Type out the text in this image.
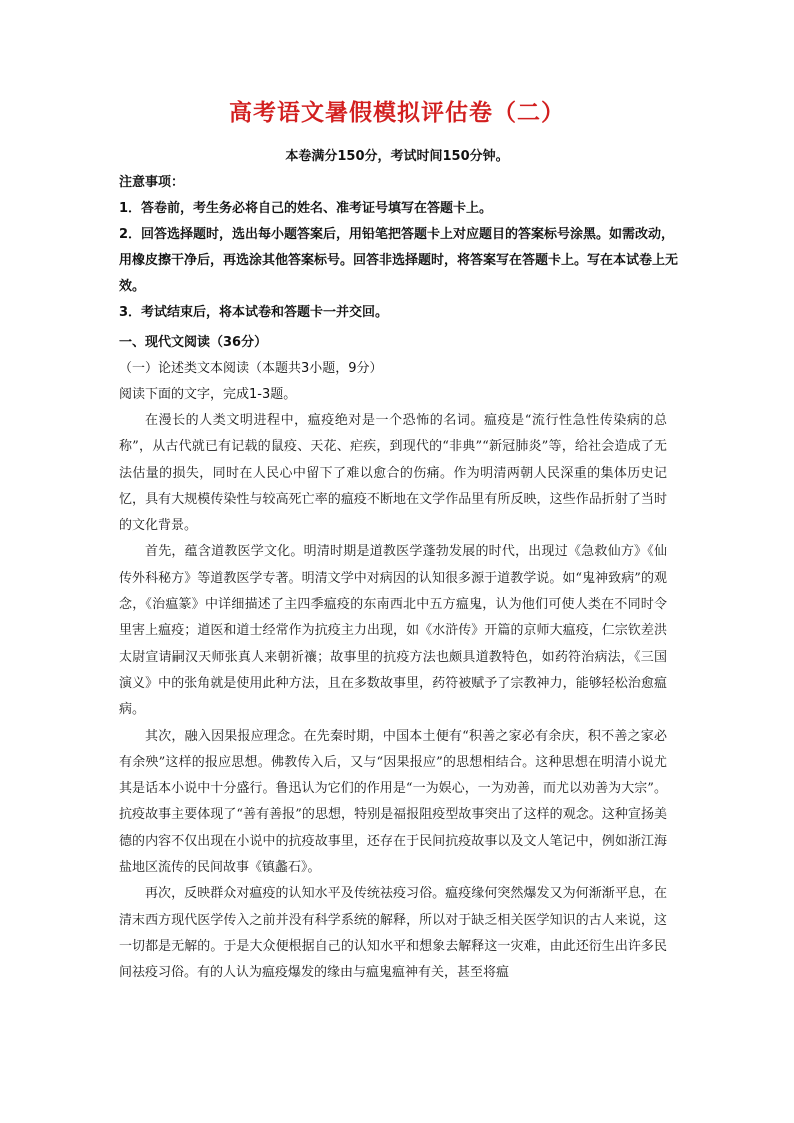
高考语文暑假模拟评估卷（二）
本卷满分150分，考试时间150分钟。

注意事项：

1．答卷前，考生务必将自己的姓名、准考证号填写在答题卡上。

2．回答选择题时，选出每小题答案后，用铅笔把答题卡上对应题目的答案标号涂黑。如需改动，用橡皮擦干净后，再选涂其他答案标号。回答非选择题时，将答案写在答题卡上。写在本试卷上无效。

3．考试结束后，将本试卷和答题卡一并交回。

一、现代文阅读（36分）

（一）论述类文本阅读（本题共3小题，9分）

阅读下面的文字，完成1-3题。

在漫长的人类文明进程中，瘟疫绝对是一个恐怖的名词。瘟疫是“流行性急性传染病的总称”，从古代就已有记载的鼠疫、天花、疟疾，到现代的“非典”“新冠肺炎”等，给社会造成了无法估量的损失，同时在人民心中留下了难以愈合的伤痛。作为明清两朝人民深重的集体历史记忆，具有大规模传染性与较高死亡率的瘟疫不断地在文学作品里有所反映，这些作品折射了当时的文化背景。

首先，蕴含道教医学文化。明清时期是道教医学蓬勃发展的时代，出现过《急救仙方》《仙传外科秘方》等道教医学专著。明清文学中对病因的认知很多源于道教学说。如“鬼神致病”的观念，《治瘟篆》中详细描述了主四季瘟疫的东南西北中五方瘟鬼，认为他们可使人类在不同时令里害上瘟疫；道医和道士经常作为抗疫主力出现，如《水浒传》开篇的京师大瘟疫，仁宗钦差洪太尉宣请嗣汉天师张真人来朝祈禳；故事里的抗疫方法也颇具道教特色，如药符治病法，《三国演义》中的张角就是使用此种方法，且在多数故事里，药符被赋予了宗教神力，能够轻松治愈瘟病。

其次，融入因果报应理念。在先秦时期，中国本土便有“积善之家必有余庆，积不善之家必有余殃”这样的报应思想。佛教传入后，又与“因果报应”的思想相结合。这种思想在明清小说尤其是话本小说中十分盛行。鲁迅认为它们的作用是“一为娱心，一为劝善，而尤以劝善为大宗”。抗疫故事主要体现了“善有善报”的思想，特别是福报阻疫型故事突出了这样的观念。这种宣扬美德的内容不仅出现在小说中的抗疫故事里，还存在于民间抗疫故事以及文人笔记中，例如浙江海盐地区流传的民间故事《镇蠡石》。

再次，反映群众对瘟疫的认知水平及传统祛疫习俗。瘟疫缘何突然爆发又为何渐渐平息，在清末西方现代医学传入之前并没有科学系统的解释，所以对于缺乏相关医学知识的古人来说，这一切都是无解的。于是大众便根据自己的认知水平和想象去解释这一灾难，由此还衍生出许多民间祛疫习俗。有的人认为瘟疫爆发的缘由与瘟鬼瘟神有关，甚至将瘟
